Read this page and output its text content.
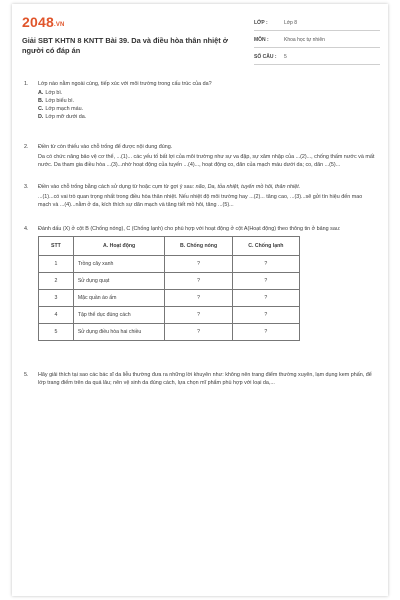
2048.VN
Giải SBT KHTN 8 KNTT Bài 39. Da và điều hòa thân nhiệt ở người có đáp án
LỚP :	Lớp 8
MÔN :	Khoa học tự nhiên
SỐ CÂU :	5
1. Lớp nào nằm ngoài cùng, tiếp xúc với môi trường trong cấu trúc của da?

A. Lớp bì.
B. Lớp biểu bì.
C. Lớp mạch máu.
D. Lớp mỡ dưới da.
2. Điền từ còn thiếu vào chỗ trống để được nội dung đúng.

Da có chức năng bảo vệ cơ thể, ...(1)... các yếu tố bất lợi của môi trường như sự va đập, sự xâm nhập của ...(2)..., chống thấm nước và mất nước. Da tham gia điều hòa ...(3)...nhờ hoạt động của tuyến ...(4)..., hoạt động co, dãn của mạch máu dưới da; co, dãn ...(5)...

3. Điền vào chỗ trống bằng cách sử dụng từ hoặc cụm từ gợi ý sau: não, Da, tỏa nhiệt, tuyến mồ hôi, thân nhiệt.

...(1)...có vai trò quan trọng nhất trong điều hòa thân nhiệt. Nếu nhiệt độ môi trường hay ...(2)... tăng cao, ...(3)...sẽ gửi tín hiệu đến mao mạch và ...(4)...nằm ở da, kích thích sự dãn mạch và tăng tiết mồ hôi, tăng ...(5)...

4. Đánh dấu (X) ở cột B (Chống nóng), C (Chống lạnh) cho phù hợp với hoạt động ở cột A(Hoạt động) theo thông tin ở bảng sau:

STT	A. Hoạt động	B. Chống nóng	C. Chống lạnh
1	Trồng cây xanh	?	?
2	Sử dụng quạt	?	?
3	Mặc quần áo ấm	?	?
4	Tập thể dục đúng cách	?	?
5	Sử dụng điều hòa hai chiều	?	?
5. Hãy giải thích tại sao các bác sĩ da liễu thường đưa ra những lời khuyên như: không nên trang điểm thường xuyên, lạm dụng kem phấn, để lớp trang điểm trên da quá lâu; nên vệ sinh da đúng cách, lựa chọn mĩ phẩm phù hợp với loại da,...
